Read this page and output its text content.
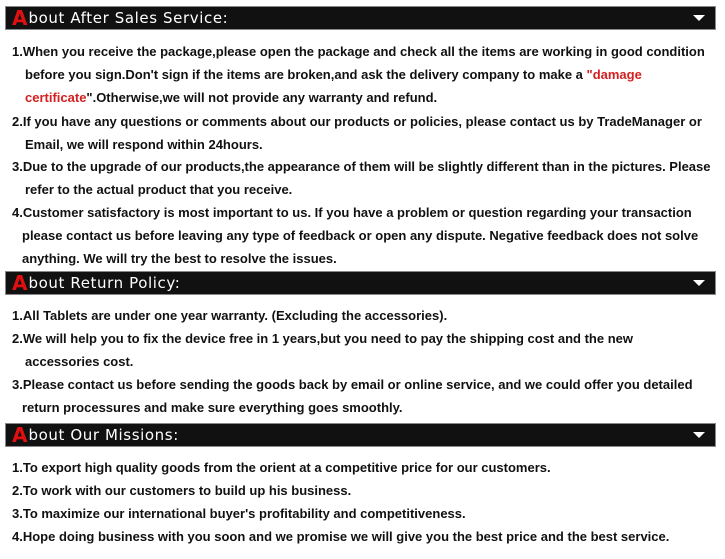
A bout After Sales Service:
1.When you receive the package,please open the package and check all the items are working in good condition
before you sign.Don't sign if the items are broken,and ask the delivery company to make a "damage
certificate".Otherwise,we will not provide any warranty and refund.
2.If you have any questions or comments about our products or policies, please contact us by TradeManager or
Email, we will respond within 24hours.
3.Due to the upgrade of our products,the appearance of them will be slightly different than in the pictures. Please
refer to the actual product that you receive.
4.Customer satisfactory is most important to us. If you have a problem or question regarding your transaction
please contact us before leaving any type of feedback or open any dispute. Negative feedback does not solve
anything. We will try the best to resolve the issues.
A bout Return Policy:
1.All Tablets are under one year warranty. (Excluding the accessories).
2.We will help you to fix the device free in 1 years,but you need to pay the shipping cost and the new
accessories cost.
3.Please contact us before sending the goods back by email or online service, and we could offer you detailed
return processures and make sure everything goes smoothly.
A bout Our Missions:
1.To export high quality goods from the orient at a competitive price for our customers.
2.To work with our customers to build up his business.
3.To maximize our international buyer's profitability and competitiveness.
4.Hope doing business with you soon and we promise we will give you the best price and the best service.
